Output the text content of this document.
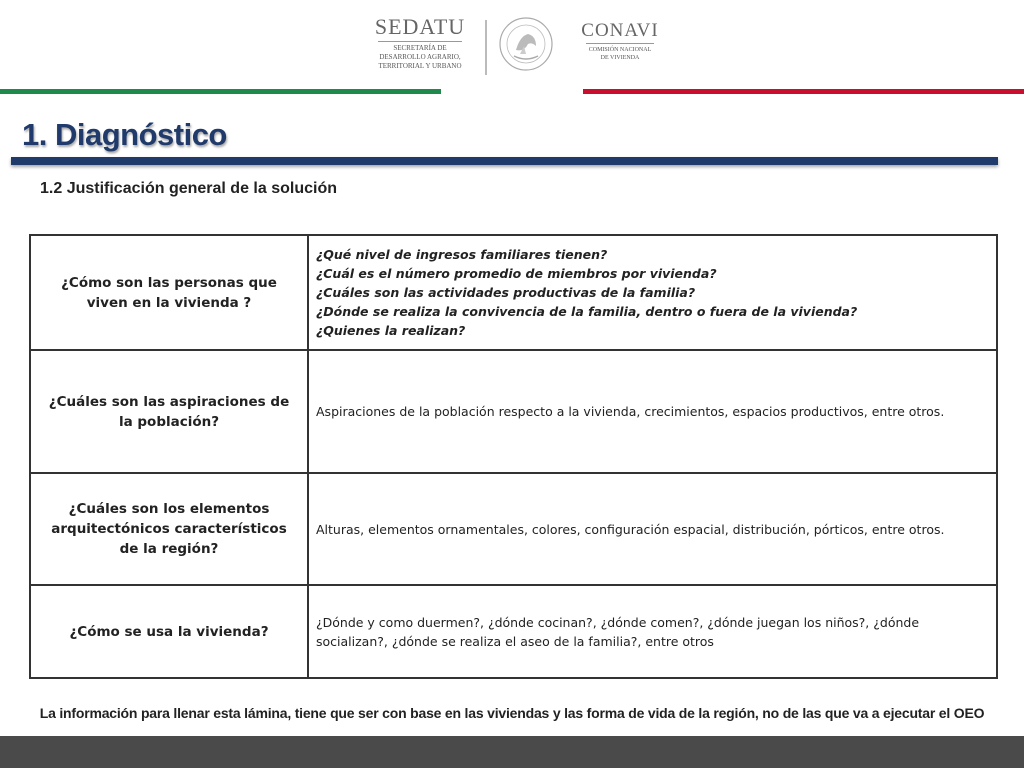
SEDATU
SECRETARÍA DE
DESARROLLO AGRARIO,
TERRITORIAL Y URBANO
CONAVI
COMISIÓN NACIONAL
DE VIVIENDA
1. Diagnóstico
1.2 Justificación general de la solución
¿Cómo son las personas que viven en la vivienda ?	¿Qué nivel de ingresos familiares tienen?
¿Cuál es el número promedio de miembros por vivienda?
¿Cuáles son las actividades productivas de la familia?
¿Dónde se realiza la convivencia de la familia, dentro o fuera de la vivienda?
¿Quienes la realizan?

¿Cuáles son las aspiraciones de la población?	Aspiraciones de la población respecto a la vivienda, crecimientos, espacios productivos, entre otros.
¿Cuáles son los elementos arquitectónicos característicos de la región?	Alturas, elementos ornamentales, colores, configuración espacial, distribución, pórticos, entre otros.
¿Cómo se usa la vivienda?	¿Dónde y como duermen?, ¿dónde cocinan?, ¿dónde comen?, ¿dónde juegan los niños?, ¿dónde socializan?, ¿dónde se realiza el aseo de la familia?, entre otros
La información para llenar esta lámina, tiene que ser con base en las viviendas y las forma de vida de la región, no de las que va a ejecutar el OEO
